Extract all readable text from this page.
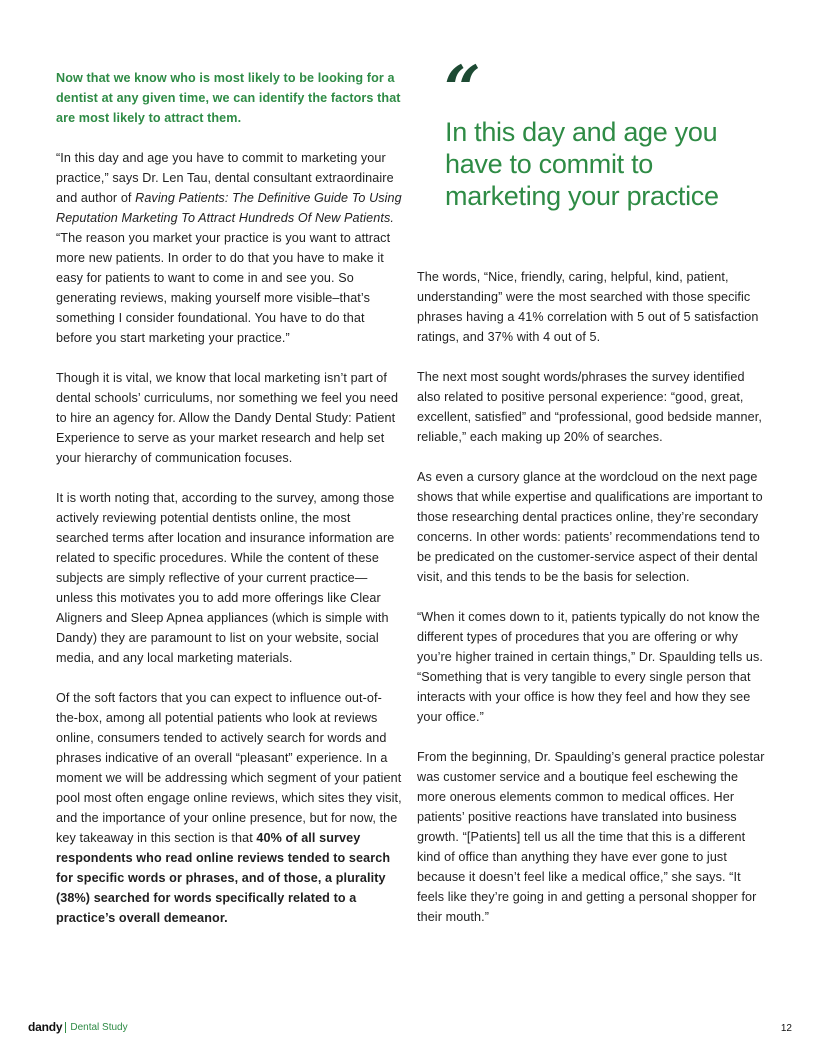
Now that we know who is most likely to be looking for a dentist at any given time, we can identify the factors that are most likely to attract them.

“In this day and age you have to commit to marketing your practice,” says Dr. Len Tau, dental consultant extraordinaire and author of Raving Patients: The Definitive Guide To Using Reputation Marketing To Attract Hundreds Of New Patients. “The reason you market your practice is you want to attract more new patients. In order to do that you have to make it easy for patients to want to come in and see you. So generating reviews, making yourself more visible–that’s something I consider foundational. You have to do that before you start marketing your practice.”

Though it is vital, we know that local marketing isn’t part of dental schools’ curriculums, nor something we feel you need to hire an agency for. Allow the Dandy Dental Study: Patient Experience to serve as your market research and help set your hierarchy of communication focuses.

It is worth noting that, according to the survey, among those actively reviewing potential dentists online, the most searched terms after location and insurance information are related to specific procedures. While the content of these subjects are simply reflective of your current practice—unless this motivates you to add more offerings like Clear Aligners and Sleep Apnea appliances (which is simple with Dandy) they are paramount to list on your website, social media, and any local marketing materials.

Of the soft factors that you can expect to influence out-of-the-box, among all potential patients who look at reviews online, consumers tended to actively search for words and phrases indicative of an overall “pleasant” experience. In a moment we will be addressing which segment of your patient pool most often engage online reviews, which sites they visit, and the importance of your online presence, but for now, the key takeaway in this section is that 40% of all survey respondents who read online reviews tended to search for specific words or phrases, and of those, a plurality (38%) searched for words specifically related to a practice’s overall demeanor.

“
In this day and age you have to commit to marketing your practice

The words, “Nice, friendly, caring, helpful, kind, patient, understanding” were the most searched with those specific phrases having a 41% correlation with 5 out of 5 satisfaction ratings, and 37% with 4 out of 5.

The next most sought words/phrases the survey identified also related to positive personal experience: “good, great, excellent, satisfied” and “professional, good bedside manner, reliable,” each making up 20% of searches.

As even a cursory glance at the wordcloud on the next page shows that while expertise and qualifications are important to those researching dental practices online, they’re secondary concerns. In other words: patients’ recommendations tend to be predicated on the customer-service aspect of their dental visit, and this tends to be the basis for selection.

“When it comes down to it, patients typically do not know the different types of procedures that you are offering or why you’re higher trained in certain things,” Dr. Spaulding tells us. “Something that is very tangible to every single person that interacts with your office is how they feel and how they see your office.”

From the beginning, Dr. Spaulding’s general practice polestar was customer service and a boutique feel eschewing the more onerous elements common to medical offices. Her patients’ positive reactions have translated into business growth. “[Patients] tell us all the time that this is a different kind of office than anything they have ever gone to just because it doesn’t feel like a medical office,” she says. “It feels like they’re going in and getting a personal shopper for their mouth.”

dandy Dental Study	12
